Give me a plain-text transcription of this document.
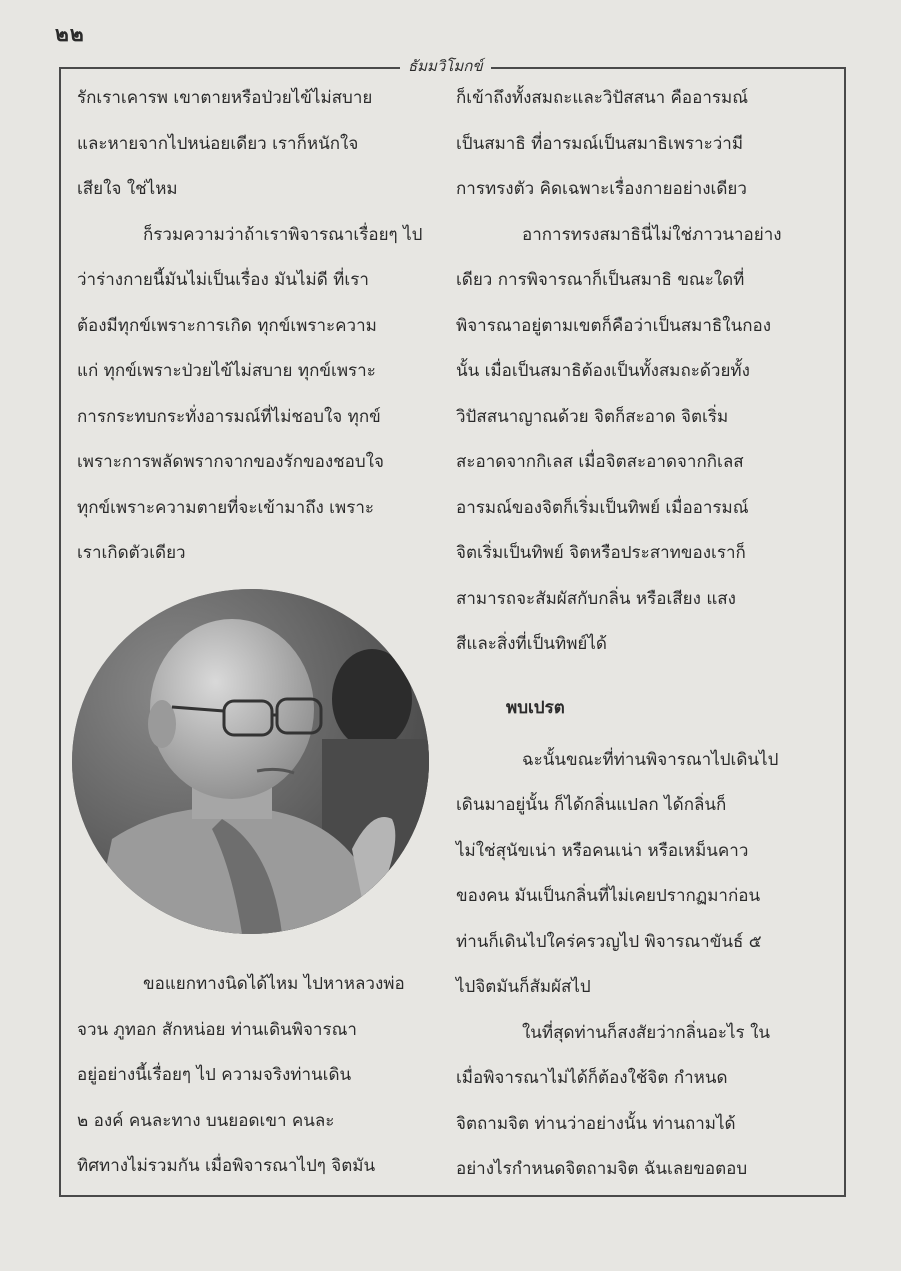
๒๒
ธัมมวิโมกข์

รักเราเคารพ เขาตายหรือป่วยไข้ไม่สบาย

และหายจากไปหน่อยเดียว เราก็หนักใจ

เสียใจ ใช่ไหม

ก็รวมความว่าถ้าเราพิจารณาเรื่อยๆ ไป

ว่าร่างกายนี้มันไม่เป็นเรื่อง มันไม่ดี ที่เรา

ต้องมีทุกข์เพราะการเกิด ทุกข์เพราะความ

แก่ ทุกข์เพราะป่วยไข้ไม่สบาย ทุกข์เพราะ

การกระทบกระทั่งอารมณ์ที่ไม่ชอบใจ ทุกข์

เพราะการพลัดพรากจากของรักของชอบใจ

ทุกข์เพราะความตายที่จะเข้ามาถึง เพราะ

เราเกิดตัวเดียว

ขอแยกทางนิดได้ไหม ไปหาหลวงพ่อ

จวน ภูทอก สักหน่อย ท่านเดินพิจารณา

อยู่อย่างนี้เรื่อยๆ ไป ความจริงท่านเดิน

๒ องค์ คนละทาง บนยอดเขา คนละ

ทิศทางไม่รวมกัน เมื่อพิจารณาไปๆ จิตมัน

ก็เข้าถึงทั้งสมถะและวิปัสสนา คืออารมณ์

เป็นสมาธิ ที่อารมณ์เป็นสมาธิเพราะว่ามี

การทรงตัว คิดเฉพาะเรื่องกายอย่างเดียว

อาการทรงสมาธินี่ไม่ใช่ภาวนาอย่าง

เดียว การพิจารณาก็เป็นสมาธิ ขณะใดที่

พิจารณาอยู่ตามเขตก็คือว่าเป็นสมาธิในกอง

นั้น เมื่อเป็นสมาธิต้องเป็นทั้งสมถะด้วยทั้ง

วิปัสสนาญาณด้วย จิตก็สะอาด จิตเริ่ม

สะอาดจากกิเลส เมื่อจิตสะอาดจากกิเลส

อารมณ์ของจิตก็เริ่มเป็นทิพย์ เมื่ออารมณ์

จิตเริ่มเป็นทิพย์ จิตหรือประสาทของเราก็

สามารถจะสัมผัสกับกลิ่น หรือเสียง แสง

สีและสิ่งที่เป็นทิพย์ได้

พบเปรต

ฉะนั้นขณะที่ท่านพิจารณาไปเดินไป

เดินมาอยู่นั้น ก็ได้กลิ่นแปลก ได้กลิ่นก็

ไม่ใช่สุนัขเน่า หรือคนเน่า หรือเหม็นคาว

ของคน มันเป็นกลิ่นที่ไม่เคยปรากฏมาก่อน

ท่านก็เดินไปใคร่ครวญไป พิจารณาขันธ์ ๕

ไปจิตมันก็สัมผัสไป

ในที่สุดท่านก็สงสัยว่ากลิ่นอะไร ใน

เมื่อพิจารณาไม่ได้ก็ต้องใช้จิต กำหนด

จิตถามจิต ท่านว่าอย่างนั้น ท่านถามได้

อย่างไรกำหนดจิตถามจิต ฉันเลยขอตอบ
